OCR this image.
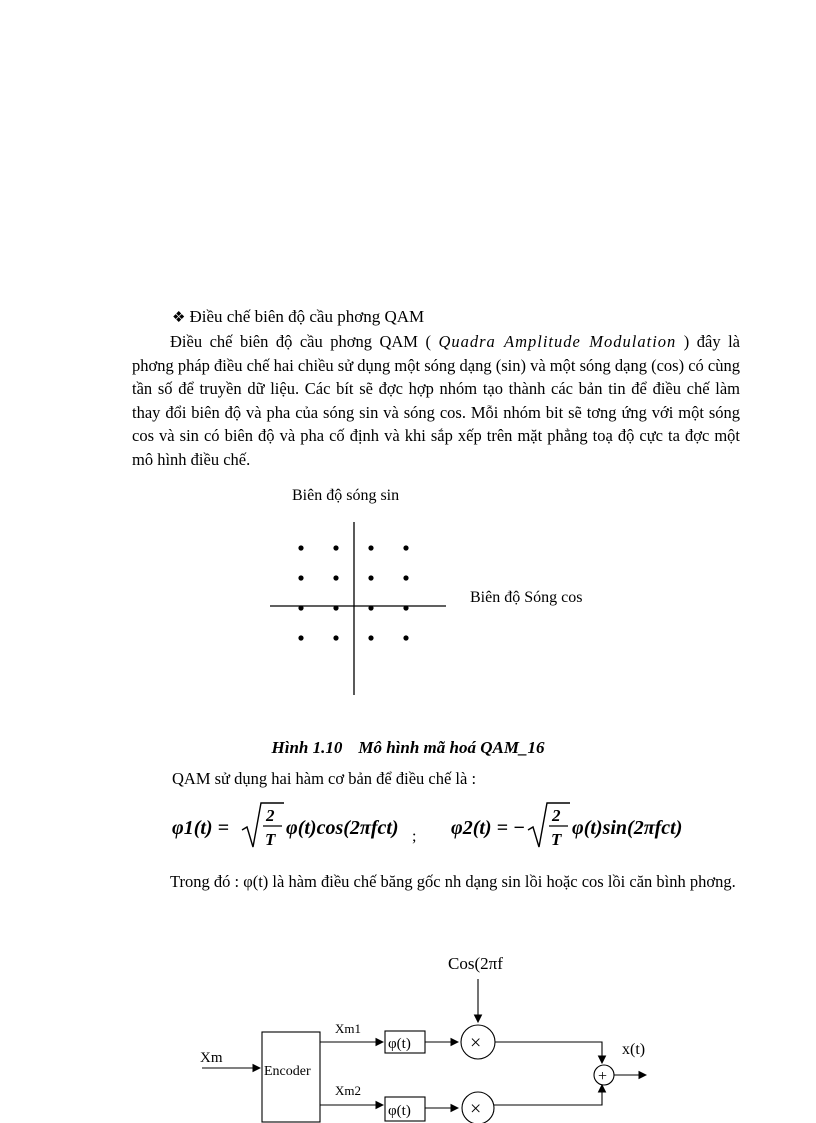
❖ Điều chế biên độ cầu phơng QAM
Điều chế biên độ cầu phơng QAM ( Quadra Amplitude Modulation ) đây là phơng pháp điều chế hai chiều sử dụng một sóng dạng (sin) và một sóng dạng (cos) có cùng tần số để truyền dữ liệu. Các bít sẽ đợc hợp nhóm tạo thành các bản tin để điều chế làm thay đổi biên độ và pha của sóng sin và sóng cos. Mỗi nhóm bit sẽ tơng ứng với một sóng cos và sin có biên độ và pha cố định và khi sắp xếp trên mặt phẳng toạ độ cực ta đợc một mô hình điều chế.
Biên độ sóng sin
Biên độ Sóng cos
Hình 1.10 Mô hình mã hoá QAM_16
QAM sử dụng hai hàm cơ bản để điều chế là :
φ1(t) =
2
T
φ(t)cos(2πfct) ; φ2(t) = −
2
T
φ(t)sin(2πfct)
Trong đó : φ(t) là hàm điều chế băng gốc nh dạng sin lồi hoặc cos lồi căn bình phơng.
Cos(2πf
Xm
Encoder
Xm1
φ(t)	×
Xm2
φ(t)	×
+
x(t)
